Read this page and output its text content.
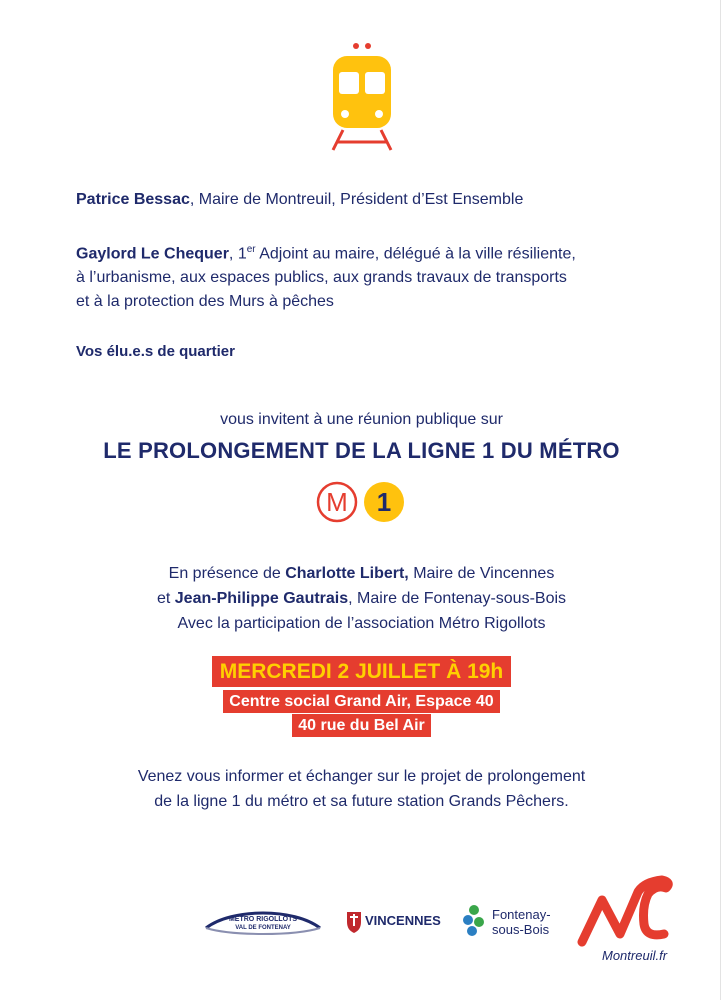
Patrice Bessac, Maire de Montreuil, Président d’Est Ensemble
Gaylord Le Chequer, 1er Adjoint au maire, délégué à la ville résiliente,
à l’urbanisme, aux espaces publics, aux grands travaux de transports
et à la protection des Murs à pêches
Vos élu.e.s de quartier
vous invitent à une réunion publique sur
LE PROLONGEMENT DE LA LIGNE 1 DU MÉTRO
M 1
En présence de Charlotte Libert, Maire de Vincennes
et Jean-Philippe Gautrais, Maire de Fontenay-sous-Bois
Avec la participation de l’association Métro Rigollots
MERCREDI 2 JUILLET À 19h
Centre social Grand Air, Espace 40
40 rue du Bel Air
Venez vous informer et échanger sur le projet de prolongement
de la ligne 1 du métro et sa future station Grands Pêchers.
MÉTRO RIGOLLOTS
VAL DE FONTENAY	VINCENNES	Fontenay-
sous-Bois
Montreuil.fr
